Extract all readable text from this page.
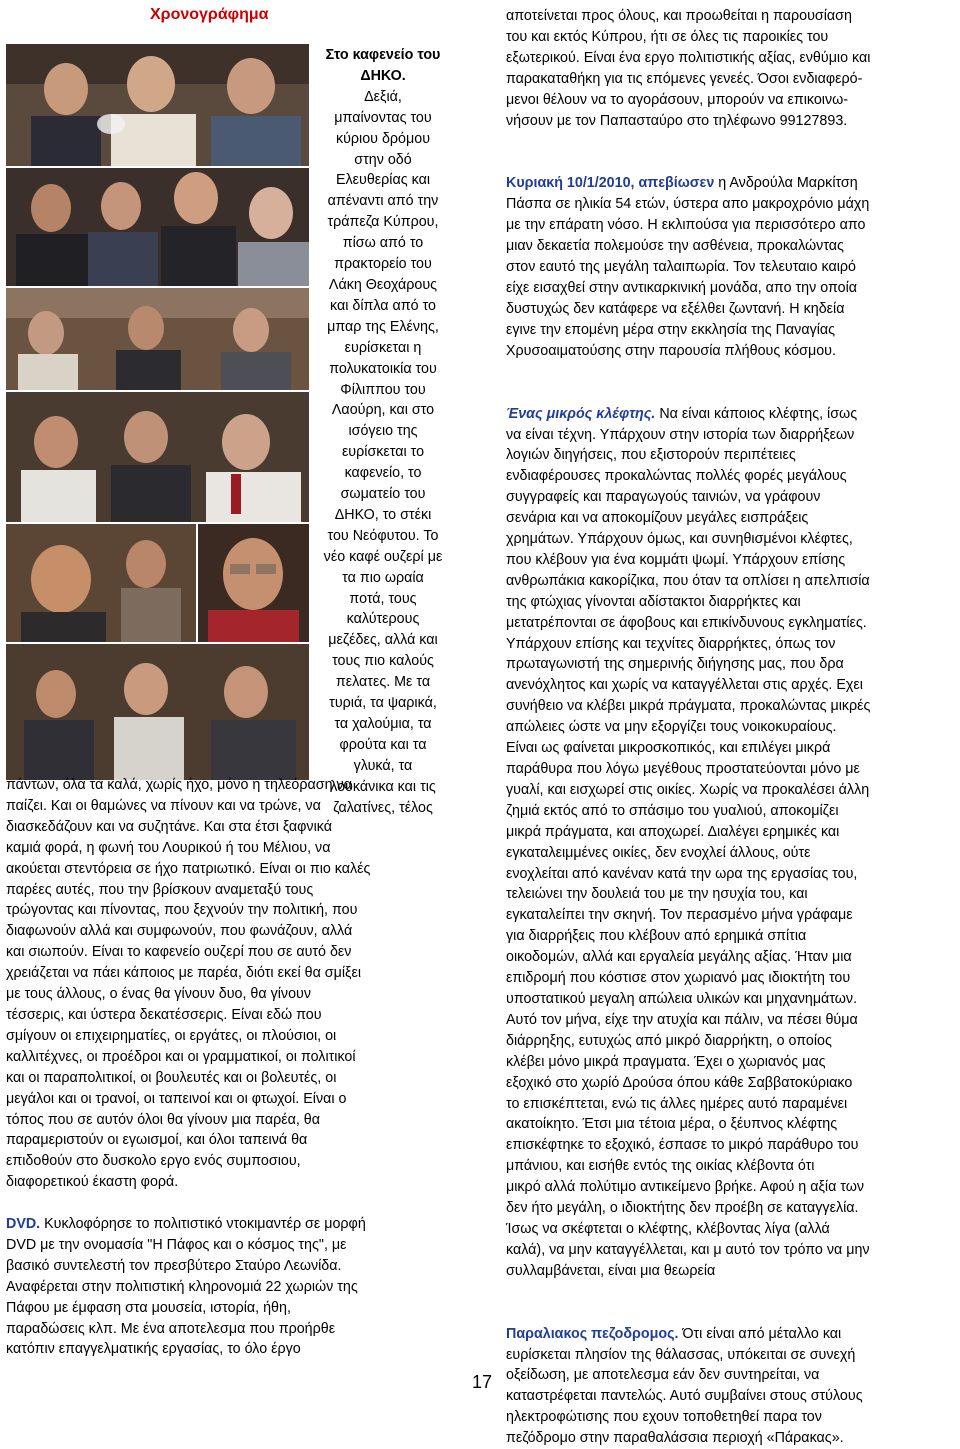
Χρονογράφημα
Στο καφενείο του ΔΗΚΟ.
Δεξιά,
μπαίνοντας του
κύριου δρόμου
στην οδό
Ελευθερίας και
απέναντι από την
τράπεζα Κύπρου,
πίσω από το
πρακτορείο του
Λάκη Θεοχάρους
και δίπλα από το
μπαρ της Ελένης,
ευρίσκεται η
πολυκατοικία του
Φίλιππου του
Λαούρη, και στο
ισόγειο της
ευρίσκεται το
καφενείο, το
σωματείο του
ΔΗΚΟ, το στέκι
του Νεόφυτου. Το
νέο καφέ ουζερί με
τα πιο ωραία
ποτά, τους
καλύτερους
μεζέδες, αλλά και
τους πιο καλούς
πελατες. Με τα
τυριά, τα ψαρικά,
τα χαλούμια, τα
φρούτα και τα
γλυκά, τα
λουκάνικα και τις
ζαλατίνες, τέλος
πάντων, όλα τα καλά, χωρίς ήχο, μόνο η τηλεόραση να
παίζει. Και οι θαμώνες να πίνουν και να τρώνε, να
διασκεδάζουν και να συζητάνε. Και στα έτσι ξαφνικά
καμιά φορά, η φωνή του Λουρικού ή του Μέλιου, να
ακούεται στεντόρεια σε ήχο πατριωτικό. Είναι οι πιο καλές
παρέες αυτές, που την βρίσκουν αναμεταξύ τους
τρώγοντας και πίνοντας, που ξεχνούν την πολιτική, που
διαφωνούν αλλά και συμφωνούν, που φωνάζουν, αλλά
και σιωπούν. Είναι το καφενείο ουζερί που σε αυτό δεν
χρειάζεται να πάει κάποιος με παρέα, διότι εκεί θα σμίξει
με τους άλλους, ο ένας θα γίνουν δυο, θα γίνουν
τέσσερις, και ύστερα δεκατέσσερις. Είναι εδώ που
σμίγουν οι επιχειρηματίες, οι εργάτες, οι πλούσιοι, οι
καλλιτέχνες, οι προέδροι και οι γραμματικοί, οι πολιτικοί
και οι παραπολιτικοί, οι βουλευτές και οι βολευτές, οι
μεγάλοι και οι τρανοί, οι ταπεινοί και οι φτωχοί. Είναι ο
τόπος που σε αυτόν όλοι θα γίνουν μια παρέα, θα
παραμεριστούν οι εγωισμοί, και όλοι ταπεινά θα
επιδοθούν στο δυσκολο εργο ενός συμποσιου,
διαφορετικού έκαστη φορά.
DVD. Κυκλοφόρησε το πολιτιστικό ντοκιμαντέρ σε μορφή
DVD με την ονομασία "Η Πάφος και ο κόσμος της", με
βασικό συντελεστή τον πρεσβύτερο Σταύρο Λεωνίδα.
Αναφέρεται στην πολιτιστική κληρονομιά 22 χωριών της
Πάφου με έμφαση στα μουσεία, ιστορία, ήθη,
παραδώσεις κλπ. Με ένα αποτελεσμα που προήρθε
κατόπιν επαγγελματικής εργασίας, το όλο έργο

αποτείνεται προς όλους, και προωθείται η παρουσίαση

του και εκτός Κύπρου, ήτι σε όλες τις παροικίες του

εξωτερικού. Είναι ένα εργο πολιτιστικής αξίας, ενθύμιο και

παρακαταθήκη για τις επόμενες γενεές. Όσοι ενδιαφερό-

μενοι θέλουν να το αγοράσουν, μπορούν να επικοινω-

νήσουν με τον Παπασταύρο στο τηλέφωνο 99127893.

Κυριακή 10/1/2010, απεβίωσεν η Ανδρούλα Μαρκίτση

Πάσπα σε ηλικία 54 ετών, ύστερα απο μακροχρόνιο μάχη

με την επάρατη νόσο. Η εκλιπούσα για περισσότερο απο

μιαν δεκαετία πολεμούσε την ασθένεια, προκαλώντας

στον εαυτό της μεγάλη ταλαιπωρία. Τον τελευταιο καιρό

είχε εισαχθεί στην αντικαρκινική μονάδα, απο την οποία

δυστυχώς δεν κατάφερε να εξέλθει ζωντανή. Η κηδεία

εγινε την επομένη μέρα στην εκκλησία της Παναγίας

Χρυσοαιματούσης στην παρουσία πλήθους κόσμου.

Ένας μικρός κλέφτης. Να είναι κάποιος κλέφτης, ίσως

να είναι τέχνη. Υπάρχουν στην ιστορία των διαρρήξεων

λογιών διηγήσεις, που εξιστορούν περιπέτειες

ενδιαφέρουσες προκαλώντας πολλές φορές μεγάλους

συγγραφείς και παραγωγούς ταινιών, να γράφουν

σενάρια και να αποκομίζουν μεγάλες εισπράξεις

χρημάτων. Υπάρχουν όμως, και συνηθισμένοι κλέφτες,

που κλέβουν για ένα κομμάτι ψωμί. Υπάρχουν επίσης

ανθρωπάκια κακορίζικα, που όταν τα οπλίσει η απελπισία

της φτώχιας γίνονται αδίστακτοι διαρρήκτες και

μετατρέπονται σε άφοβους και επικίνδυνους εγκληματίες.

Υπάρχουν επίσης και τεχνίτες διαρρήκτες, όπως τον

πρωταγωνιστή της σημερινής διήγησης μας, που δρα

ανενόχλητος και χωρίς να καταγγέλλεται στις αρχές. Εχει

συνήθειο να κλέβει μικρά πράγματα, προκαλώντας μικρές

απώλειες ώστε να μην εξοργίζει τους νοικοκυραίους.

Είναι ως φαίνεται μικροσκοπικός, και επιλέγει μικρά

παράθυρα που λόγω μεγέθους προστατεύονται μόνο με

γυαλί, και εισχωρεί στις οικίες. Χωρίς να προκαλέσει άλλη

ζημιά εκτός από το σπάσιμο του γυαλιού, αποκομίζει

μικρά πράγματα, και αποχωρεί. Διαλέγει ερημικές και

εγκαταλειμμένες οικίες, δεν ενοχλεί άλλους, ούτε

ενοχλείται από κανέναν κατά την ωρα της εργασίας του,

τελειώνει την δουλειά του με την ησυχία του, και

εγκαταλείπει την σκηνή. Τον περασμένο μήνα γράφαμε

για διαρρήξεις που κλέβουν από ερημικά σπίτια

οικοδομών, αλλά και εργαλεία μεγάλης αξίας. Ήταν μια

επιδρομή που κόστισε στον χωριανό μας ιδιοκτήτη του

υποστατικού μεγαλη απώλεια υλικών και μηχανημάτων.

Αυτό τον μήνα, είχε την ατυχία και πάλιν, να πέσει θύμα

διάρρηξης, ευτυχώς από μικρό διαρρήκτη, ο οποίος

κλέβει μόνο μικρά πραγματα. Έχει ο χωριανός μας

εξοχικό στο χωρίό Δρούσα όπου κάθε Σαββατοκύριακο

το επισκέπτεται, ενώ τις άλλες ημέρες αυτό παραμένει

ακατοίκητο. Έτσι μια τέτοια μέρα, ο ξέυπνος κλέφτης

επισκέφτηκε το εξοχικό, έσπασε το μικρό παράθυρο του

μπάνιου, και εισήθε εντός της οικίας κλέβοντα ότι

μικρό αλλά πολύτιμο αντικείμενο βρήκε. Αφού η αξία των

δεν ήτο μεγάλη, ο ιδιοκτήτης δεν προέβη σε καταγγελία.

Ίσως να σκέφτεται ο κλέφτης, κλέβοντας λίγα (αλλά

καλά), να μην καταγγέλλεται, και μ αυτό τον τρόπο να μην

συλλαμβάνεται, είναι μια θεωρεία

Παραλιακος πεζοδρομος. Ότι είναι από μέταλλο και

ευρίσκεται πλησίον της θάλασσας, υπόκειται σε συνεχή

οξείδωση, με αποτελεσμα εάν δεν συντηρείται, να

καταστρέφεται παντελώς. Αυτό συμβαίνει στους στύλους

ηλεκτροφώτισης που εχουν τοποθετηθεί παρα τον

πεζόδρομο στην παραθαλάσσια περιοχή «Πάρακας».

17
